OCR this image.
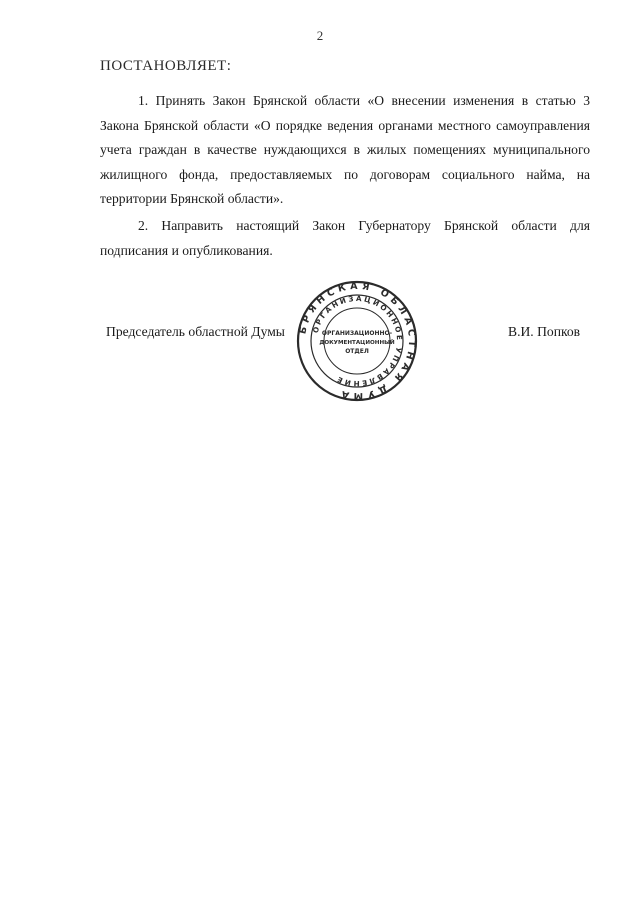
2
ПОСТАНОВЛЯЕТ:

1. Принять Закон Брянской области «О внесении изменения в статью 3 Закона Брянской области «О порядке ведения органами местного самоуправления учета граждан в качестве нуждающихся в жилых помещениях муниципального жилищного фонда, предоставляемых по договорам социального найма, на территории Брянской области».

2. Направить настоящий Закон Губернатору Брянской области для подписания и опубликования.

Председатель областной Думы БРЯНСКАЯ ОБЛАСТНАЯ ДУМА
ОРГАНИЗАЦИОННОЕ УПРАВЛЕНИЕ
ОРГАНИЗАЦИОННО-
ДОКУМЕНТАЦИОННЫЙ
ОТДЕЛ
В.И. Попков
